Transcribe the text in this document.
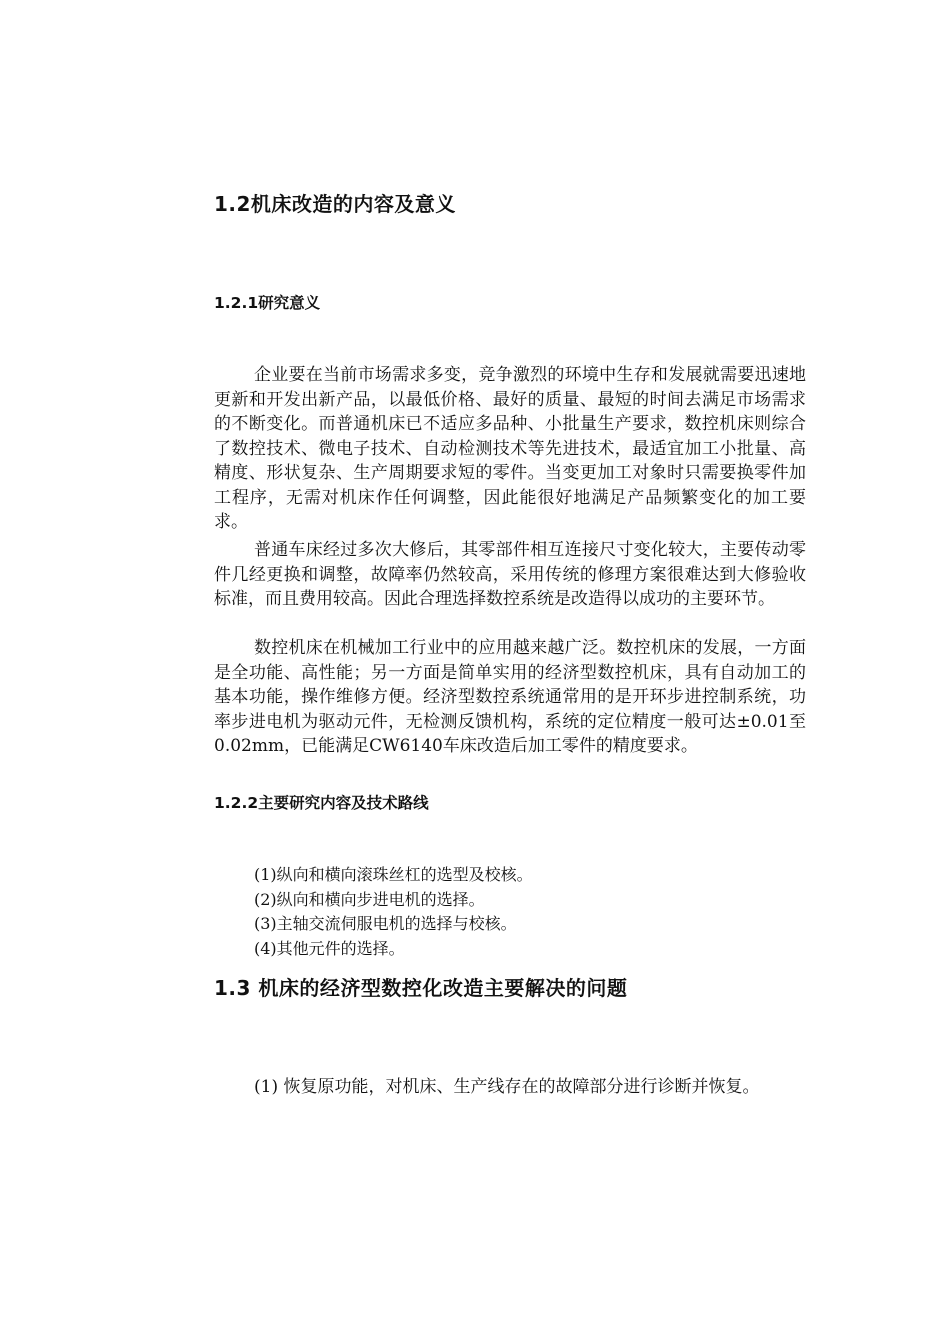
1.2机床改造的内容及意义
1.2.1研究意义

企业要在当前市场需求多变，竞争激烈的环境中生存和发展就需要迅速地更新和开发出新产品，以最低价格、最好的质量、最短的时间去满足市场需求的不断变化。而普通机床已不适应多品种、小批量生产要求，数控机床则综合了数控技术、微电子技术、自动检测技术等先进技术，最适宜加工小批量、高精度、形状复杂、生产周期要求短的零件。当变更加工对象时只需要换零件加工程序，无需对机床作任何调整，因此能很好地满足产品频繁变化的加工要求。

普通车床经过多次大修后，其零部件相互连接尺寸变化较大，主要传动零件几经更换和调整，故障率仍然较高，采用传统的修理方案很难达到大修验收标准，而且费用较高。因此合理选择数控系统是改造得以成功的主要环节。

数控机床在机械加工行业中的应用越来越广泛。数控机床的发展，一方面是全功能、高性能；另一方面是简单实用的经济型数控机床，具有自动加工的基本功能，操作维修方便。经济型数控系统通常用的是开环步进控制系统，功率步进电机为驱动元件，无检测反馈机构，系统的定位精度一般可达±0.01至0.02mm，已能满足CW6140车床改造后加工零件的精度要求。

1.2.2主要研究内容及技术路线
(1)纵向和横向滚珠丝杠的选型及校核。
(2)纵向和横向步进电机的选择。
(3)主轴交流伺服电机的选择与校核。
(4)其他元件的选择。
1.3 机床的经济型数控化改造主要解决的问题

(1) 恢复原功能，对机床、生产线存在的故障部分进行诊断并恢复。
